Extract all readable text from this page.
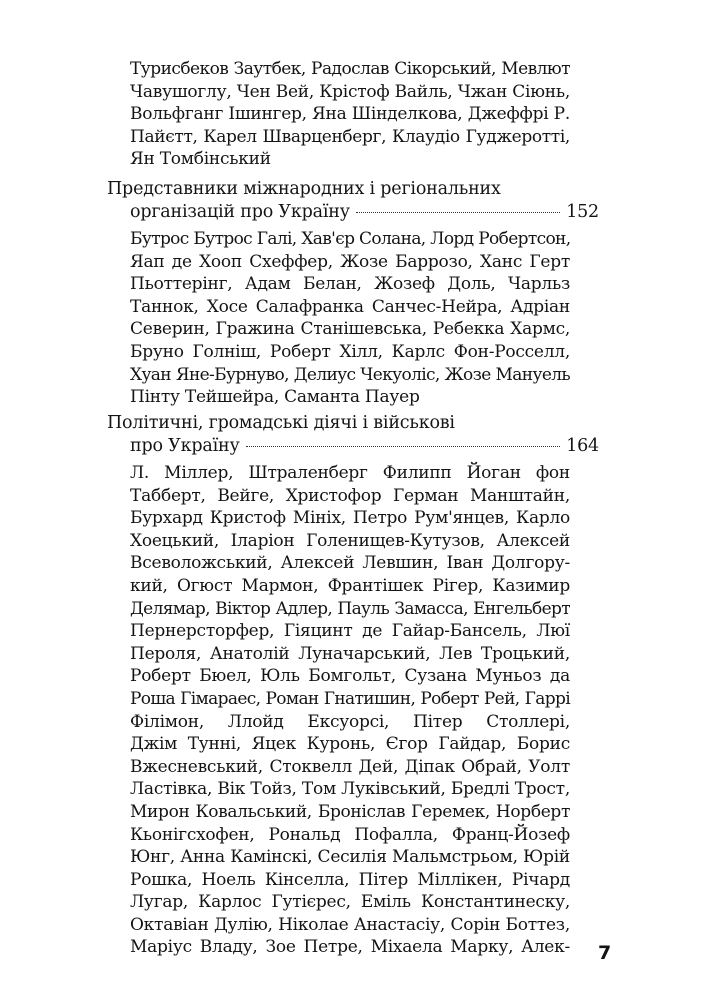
Турисбеков Заутбек, Радослав Сікорський, Мевлют
Чавушоглу, Чен Вей, Крістоф Вайль, Чжан Сіюнь,
Вольфганг Ішингер, Яна Шінделкова, Джеффрі Р.
Пайєтт, Карел Шварценберг, Клаудіо Гуджеротті,
Ян Томбінський
Представники міжнародних і регіональних
організацій про Україну	152
Бутрос Бутрос Галі, Хав'єр Солана, Лорд Робертсон,
Яап де Хооп Схеффер, Жозе Баррозо, Ханс Герт
Пьоттерінг, Адам Белан, Жозеф Доль, Чарльз
Таннок, Хосе Салафранка Санчес-Нейра, Адріан
Северин, Гражина Станішевська, Ребекка Хармс,
Бруно Голніш, Роберт Хілл, Карлс Фон-Росселл,
Хуан Яне-Бурнуво, Делиус Чекуоліс, Жозе Мануель
Пінту Тейшейра, Саманта Пауер
Політичні, громадські діячі і військові
про Україну	164
Л. Міллер, Штраленберг Филипп Йоган фон
Табберт, Вейге, Христофор Герман Манштайн,
Бурхард Кристоф Мініх, Петро Рум'янцев, Карло
Хоецький, Іларіон Голенищев-Кутузов, Алексей
Всеволожський, Алексей Левшин, Іван Долгору-
кий, Огюст Мармон, Франтішек Рігер, Казимир
Делямар, Віктор Адлер, Пауль Замасса, Енгельберт
Пернерсторфер, Гіяцинт де Гайар-Бансель, Люї
Пероля, Анатолій Луначарський, Лев Троцький,
Роберт Бюел, Юль Бомгольт, Сузана Муньоз да
Роша Гімараес, Роман Гнатишин, Роберт Рей, Гаррі
Філімон, Ллойд Ексуорсі, Пітер Столлері,
Джім Тунні, Яцек Куронь, Єгор Гайдар, Борис
Вжесневський, Стоквелл Дей, Діпак Обрай, Уолт
Ластівка, Вік Тойз, Том Луківський, Бредлі Трост,
Мирон Ковальський, Броніслав Геремек, Норберт
Кьонігсхофен, Рональд Пофалла, Франц-Йозеф
Юнг, Анна Камінскі, Сесилія Мальмстрьом, Юрій
Рошка, Ноель Кінселла, Пітер Міллікен, Річард
Лугар, Карлос Гутієрес, Еміль Константинеску,
Октавіан Дулію, Ніколае Анастасіу, Сорін Боттез,
Маріус Владу, Зое Петре, Міхаела Марку, Алек- 7
